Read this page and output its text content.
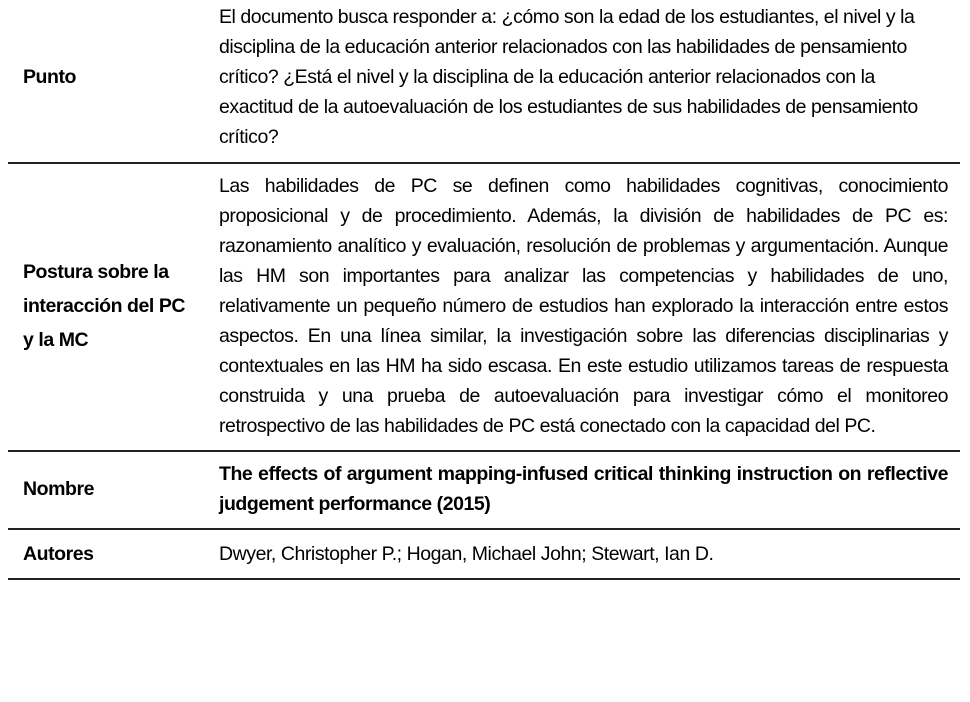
Punto	El documento busca responder a: ¿cómo son la edad de los estudiantes, el nivel y la disciplina de la educación anterior relacionados con las habilidades de pensamiento crítico? ¿Está el nivel y la disciplina de la educación anterior relacionados con la exactitud de la autoevaluación de los estudiantes de sus habilidades de pensamiento crítico?

Postura sobre la interacción del PC y la MC	Las habilidades de PC se definen como habilidades cognitivas, conocimiento proposicional y de procedimiento. Además, la división de habilidades de PC es: razonamiento analítico y evaluación, resolución de problemas y argumentación. Aunque las HM son importantes para analizar las competencias y habilidades de uno, relativamente un pequeño número de estudios han explorado la interacción entre estos aspectos. En una línea similar, la investigación sobre las diferencias disciplinarias y contextuales en las HM ha sido escasa. En este estudio utilizamos tareas de respuesta construida y una prueba de autoevaluación para investigar cómo el monitoreo retrospectivo de las habilidades de PC está conectado con la capacidad del PC.
Nombre	The effects of argument mapping-infused critical thinking instruction on reflective judgement performance (2015)
Autores	Dwyer, Christopher P.; Hogan, Michael John; Stewart, Ian D.
